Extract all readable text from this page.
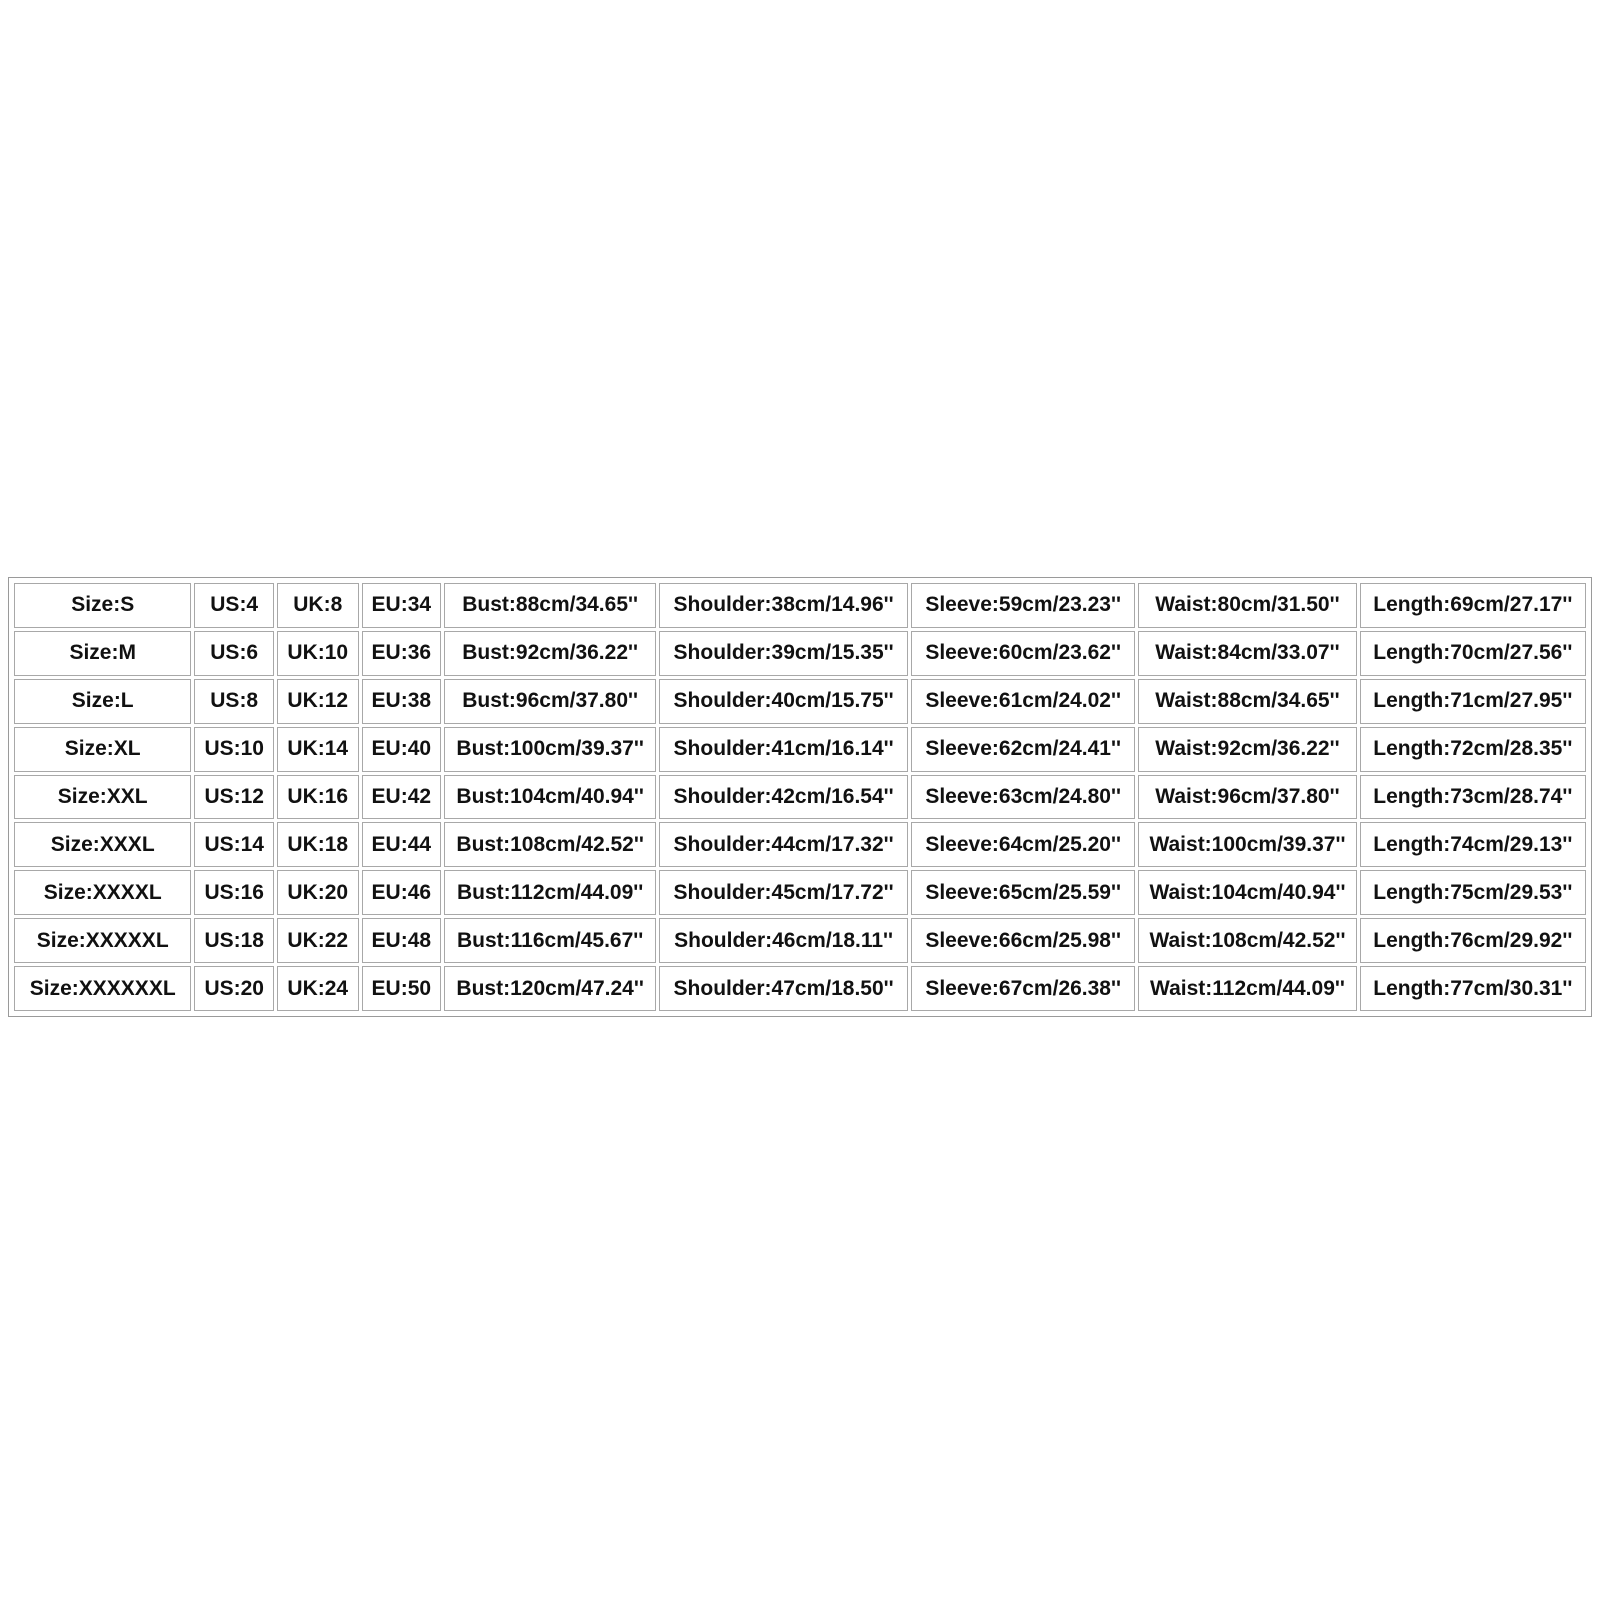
Size:S	US:4	UK:8	EU:34	Bust:88cm/34.65''	Shoulder:38cm/14.96''	Sleeve:59cm/23.23''	Waist:80cm/31.50''	Length:69cm/27.17''
Size:M	US:6	UK:10	EU:36	Bust:92cm/36.22''	Shoulder:39cm/15.35''	Sleeve:60cm/23.62''	Waist:84cm/33.07''	Length:70cm/27.56''
Size:L	US:8	UK:12	EU:38	Bust:96cm/37.80''	Shoulder:40cm/15.75''	Sleeve:61cm/24.02''	Waist:88cm/34.65''	Length:71cm/27.95''
Size:XL	US:10	UK:14	EU:40	Bust:100cm/39.37''	Shoulder:41cm/16.14''	Sleeve:62cm/24.41''	Waist:92cm/36.22''	Length:72cm/28.35''
Size:XXL	US:12	UK:16	EU:42	Bust:104cm/40.94''	Shoulder:42cm/16.54''	Sleeve:63cm/24.80''	Waist:96cm/37.80''	Length:73cm/28.74''
Size:XXXL	US:14	UK:18	EU:44	Bust:108cm/42.52''	Shoulder:44cm/17.32''	Sleeve:64cm/25.20''	Waist:100cm/39.37''	Length:74cm/29.13''
Size:XXXXL	US:16	UK:20	EU:46	Bust:112cm/44.09''	Shoulder:45cm/17.72''	Sleeve:65cm/25.59''	Waist:104cm/40.94''	Length:75cm/29.53''
Size:XXXXXL	US:18	UK:22	EU:48	Bust:116cm/45.67''	Shoulder:46cm/18.11''	Sleeve:66cm/25.98''	Waist:108cm/42.52''	Length:76cm/29.92''
Size:XXXXXXL	US:20	UK:24	EU:50	Bust:120cm/47.24''	Shoulder:47cm/18.50''	Sleeve:67cm/26.38''	Waist:112cm/44.09''	Length:77cm/30.31''
